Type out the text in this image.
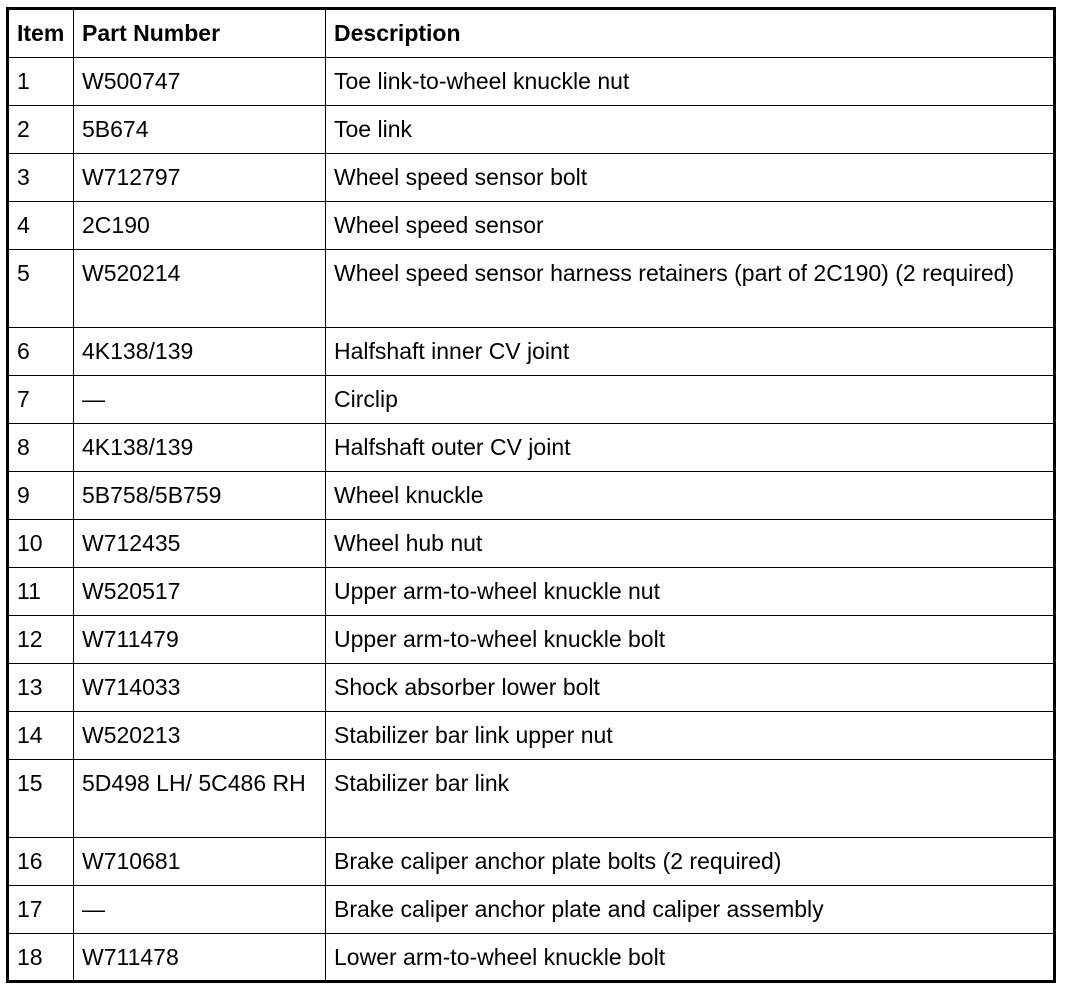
Item	Part Number	Description
1	W500747	Toe link-to-wheel knuckle nut
2	5B674	Toe link
3	W712797	Wheel speed sensor bolt
4	2C190	Wheel speed sensor
5	W520214	Wheel speed sensor harness retainers (part of 2C190) (2 required)
6	4K138/139	Halfshaft inner CV joint
7	—	Circlip
8	4K138/139	Halfshaft outer CV joint
9	5B758/5B759	Wheel knuckle
10	W712435	Wheel hub nut
11	W520517	Upper arm-to-wheel knuckle nut
12	W711479	Upper arm-to-wheel knuckle bolt
13	W714033	Shock absorber lower bolt
14	W520213	Stabilizer bar link upper nut
15	5D498 LH/ 5C486 RH	Stabilizer bar link
16	W710681	Brake caliper anchor plate bolts (2 required)
17	—	Brake caliper anchor plate and caliper assembly
18	W711478	Lower arm-to-wheel knuckle bolt
